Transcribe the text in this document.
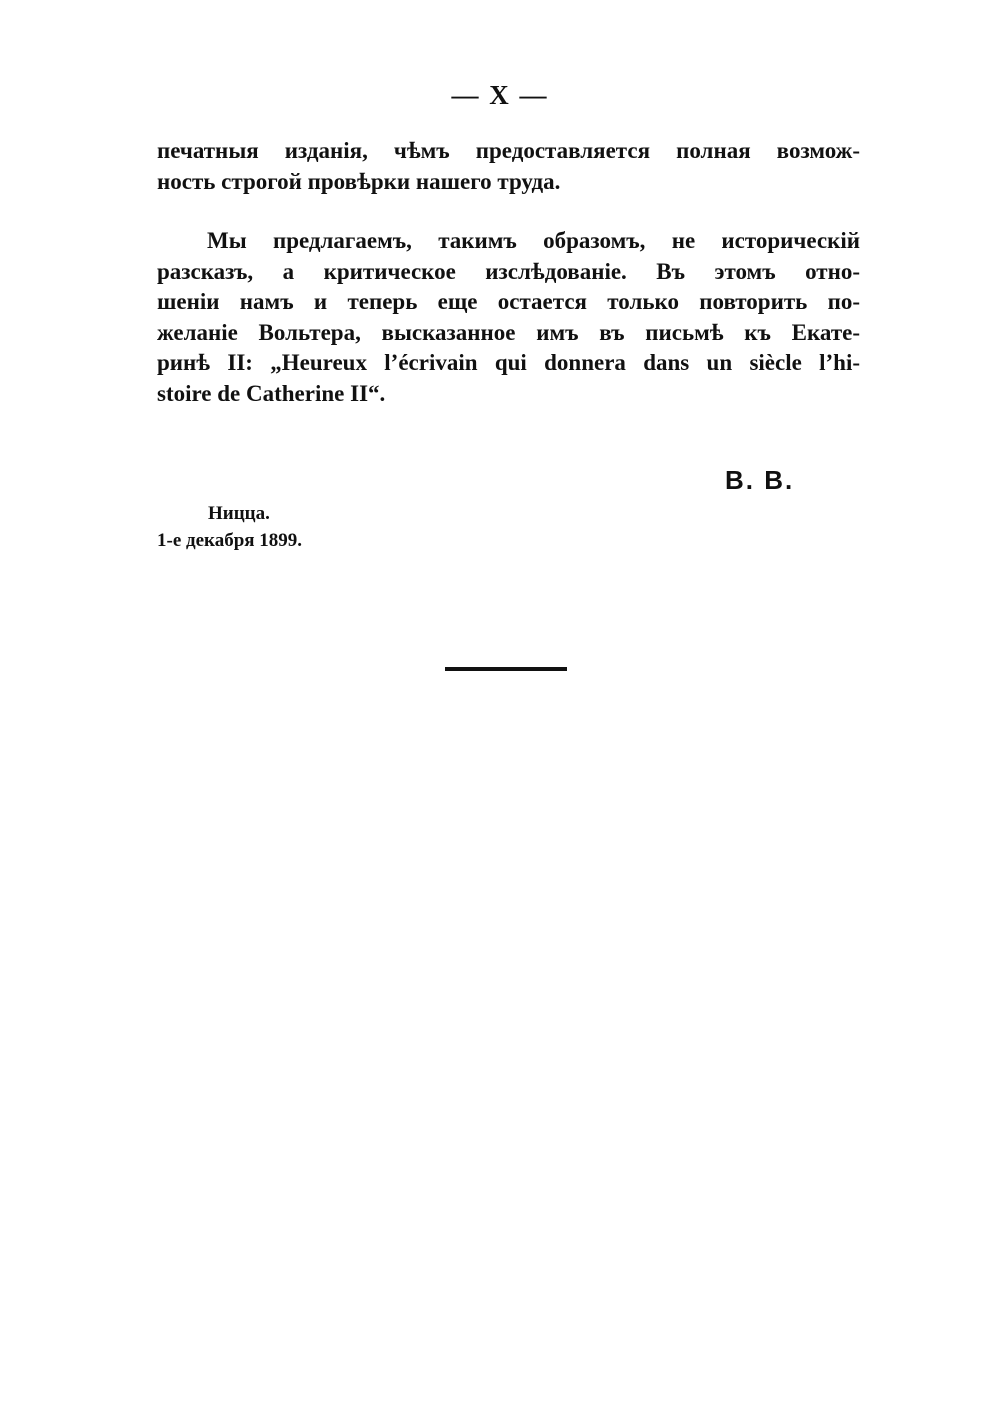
— X —
печатныя изданія, чѣмъ предоставляется полная возмож-
ность строгой провѣрки нашего труда.
Мы предлагаемъ, такимъ образомъ, не историческій
разсказъ, а критическое изслѣдованіе. Въ этомъ отно-
шеніи намъ и теперь еще остается только повторить по-
желаніе Вольтера, высказанное имъ въ письмѣ къ Екате-
ринѣ II: „Heureux l’écrivain qui donnera dans un siècle l’hi-
stoire de Catherine II“.
В. В.
Ницца.
1-е декабря 1899.
